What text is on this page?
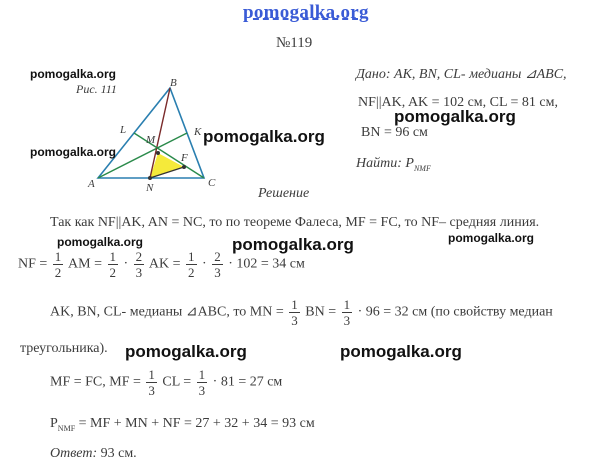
pomogalka.org
№119
Рис. 111	B
A	C
K
L
M
N
F
pomogalka.org
pomogalka.org
pomogalka.org
Дано: AK, BN, CL- медианы ⊿ABC,
NF||AK, AK = 102 см, CL = 81 см,
pomogalka.org
BN = 96 см
Найти: $P_{NMF}$
Решение
Так как NF||AK, AN = NC, то по теореме Фалеса, MF = FC, то NF– средняя линия.
pomogalka.org	pomogalka.org	pomogalka.org
NF = $\frac{1}{2}$ AM = $\frac{1}{2} \cdot \frac{2}{3}$ AK = $\frac{1}{2} \cdot \frac{2}{3} \cdot 102 = 34$ см
AK, BN, CL- медианы ⊿ABC, то MN = $\frac{1}{3}$ BN = $\frac{1}{3} \cdot 96 = 32$ см (по свойству медиан
треугольника). pomogalka.org	pomogalka.org
MF = FC, MF = $\frac{1}{3}$ CL = $\frac{1}{3} \cdot 81 = 27$ см
$P_{NMF}$ = MF + MN + NF = 27 + 32 + 34 = 93 см
Ответ: 93 см.
